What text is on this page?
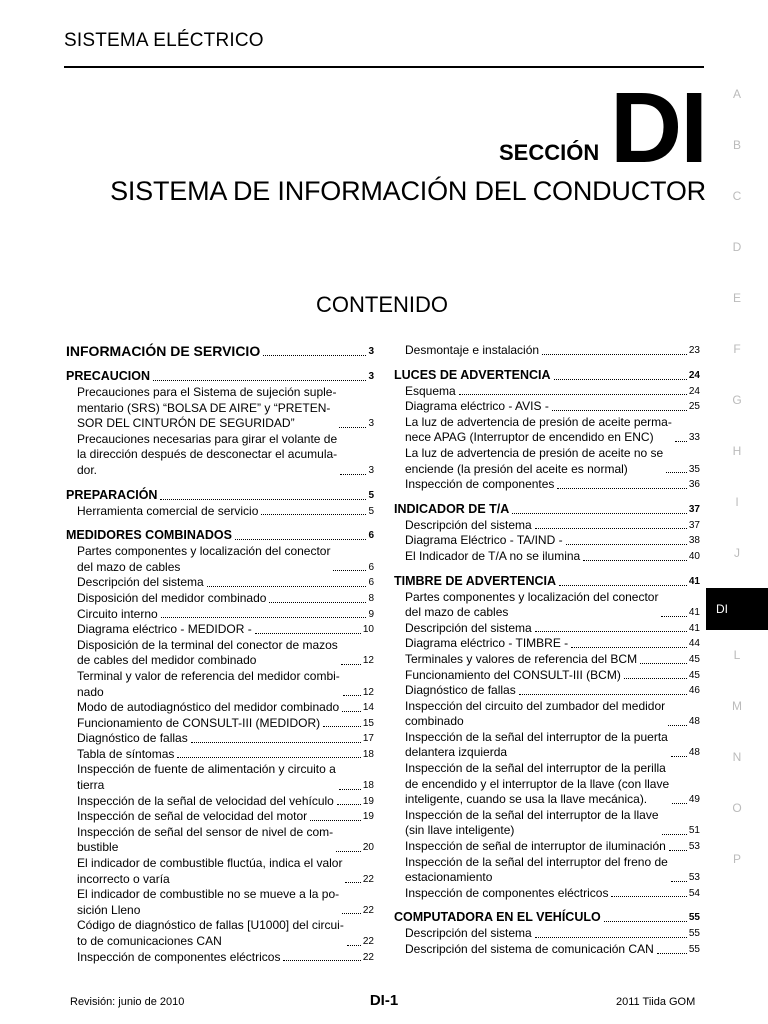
SISTEMA ELÉCTRICO
SECCIÓN DI
SISTEMA DE INFORMACIÓN DEL CONDUCTOR
CONTENIDO
A
B
C
D
E
F
G
H
I
J
DI
L
M
N
O
P
INFORMACIÓN DE SERVICIO	3
PRECAUCION	3
Precauciones para el Sistema de sujeción suple-
mentario (SRS) “BOLSA DE AIRE” y “PRETEN-
SOR DEL CINTURÓN DE SEGURIDAD”	3
Precauciones necesarias para girar el volante de
la dirección después de desconectar el acumula-
dor.	3
PREPARACIÓN	5
Herramienta comercial de servicio	5
MEDIDORES COMBINADOS	6
Partes componentes y localización del conector
del mazo de cables	6
Descripción del sistema	6
Disposición del medidor combinado	8
Circuito interno	9
Diagrama eléctrico - MEDIDOR -	10
Disposición de la terminal del conector de mazos
de cables del medidor combinado	12
Terminal y valor de referencia del medidor combi-
nado	12
Modo de autodiagnóstico del medidor combinado 14
Funcionamiento de CONSULT-III (MEDIDOR)	15
Diagnóstico de fallas	17
Tabla de síntomas	18
Inspección de fuente de alimentación y circuito a
tierra	18
Inspección de la señal de velocidad del vehículo	19
Inspección de señal de velocidad del motor	19
Inspección de señal del sensor de nivel de com-
bustible	20
El indicador de combustible fluctúa, indica el valor
incorrecto o varía	22
El indicador de combustible no se mueve a la po-
sición Lleno	22
Código de diagnóstico de fallas [U1000] del circui-
to de comunicaciones CAN	22
Inspección de componentes eléctricos	22
Desmontaje e instalación	23
LUCES DE ADVERTENCIA	24
Esquema	24
Diagrama eléctrico - AVIS -	25
La luz de advertencia de presión de aceite perma-
nece APAG (Interruptor de encendido en ENC)	33
La luz de advertencia de presión de aceite no se
enciende (la presión del aceite es normal)	35
Inspección de componentes	36
INDICADOR DE T/A	37
Descripción del sistema	37
Diagrama Eléctrico - TA/IND -	38
El Indicador de T/A no se ilumina	40
TIMBRE DE ADVERTENCIA	41
Partes componentes y localización del conector
del mazo de cables	41
Descripción del sistema	41
Diagrama eléctrico - TIMBRE -	44
Terminales y valores de referencia del BCM	45
Funcionamiento del CONSULT-III (BCM)	45
Diagnóstico de fallas	46
Inspección del circuito del zumbador del medidor
combinado	48
Inspección de la señal del interruptor de la puerta
delantera izquierda	48
Inspección de la señal del interruptor de la perilla
de encendido y el interruptor de la llave (con llave
inteligente, cuando se usa la llave mecánica).	49
Inspección de la señal del interruptor de la llave
(sin llave inteligente)	51
Inspección de señal de interruptor de iluminación 53
Inspección de la señal del interruptor del freno de
estacionamiento	53
Inspección de componentes eléctricos	54
COMPUTADORA EN EL VEHÍCULO	55
Descripción del sistema	55
Descripción del sistema de comunicación CAN	55
Revisión: junio de 2010	DI-1	2011 Tiida GOM
